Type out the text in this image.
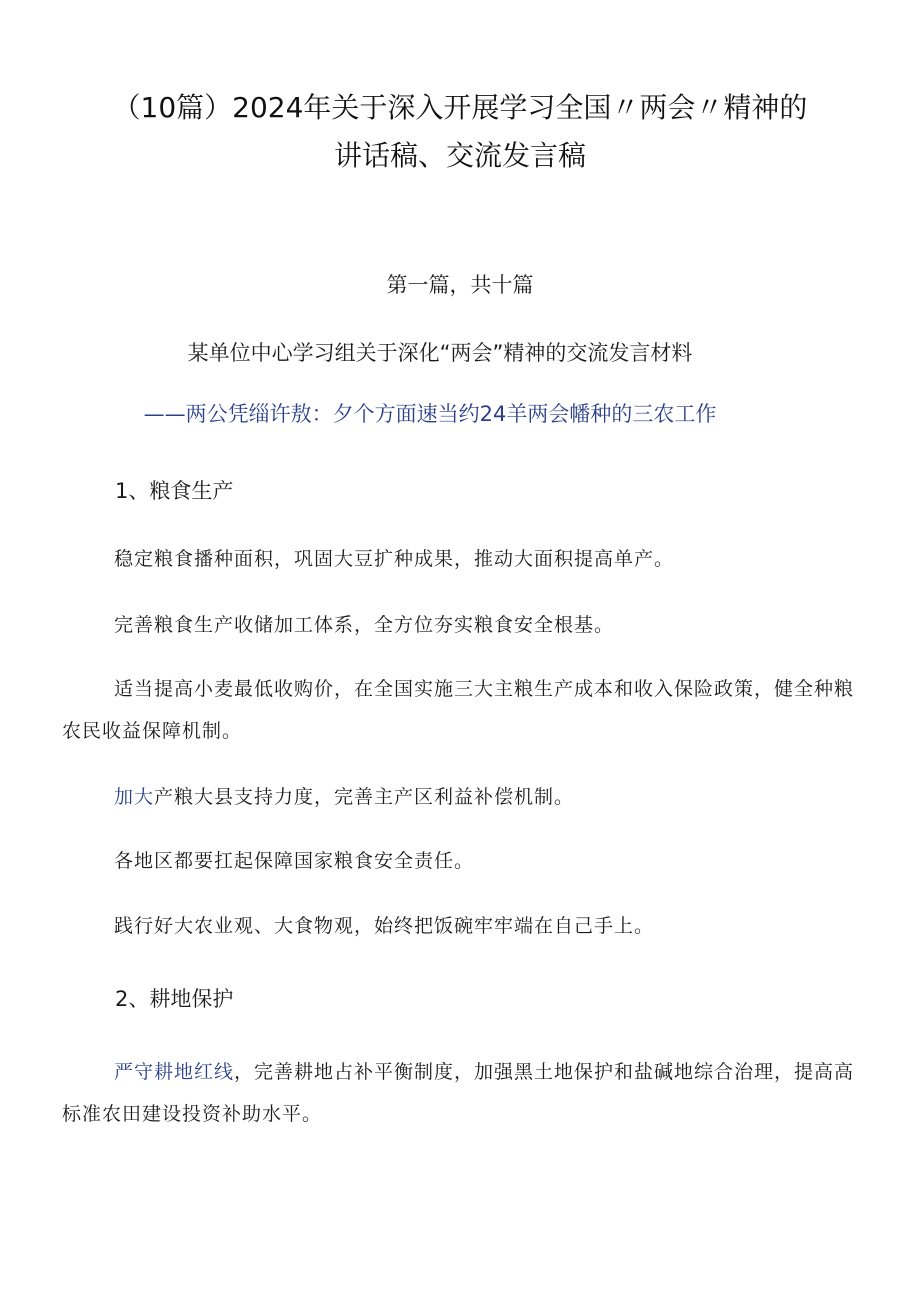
（10篇）2024年关于深入开展学习全国〃两会〃精神的
讲话稿、交流发言稿
第一篇，共十篇
某单位中心学习组关于深化“两会”精神的交流发言材料
——两公凭缁许敖：夕个方面速当约24羊两会幡种的三农工作
1、粮食生产

稳定粮食播种面积，巩固大豆扩种成果，推动大面积提高单产。

完善粮食生产收储加工体系，全方位夯实粮食安全根基。

适当提高小麦最低收购价，在全国实施三大主粮生产成本和收入保险政策，健全种粮农民收益保障机制。

加大产粮大县支持力度，完善主产区利益补偿机制。

各地区都要扛起保障国家粮食安全责任。

践行好大农业观、大食物观，始终把饭碗牢牢端在自己手上。

2、耕地保护

严守耕地红线，完善耕地占补平衡制度，加强黑土地保护和盐碱地综合治理，提高高标准农田建设投资补助水平。
